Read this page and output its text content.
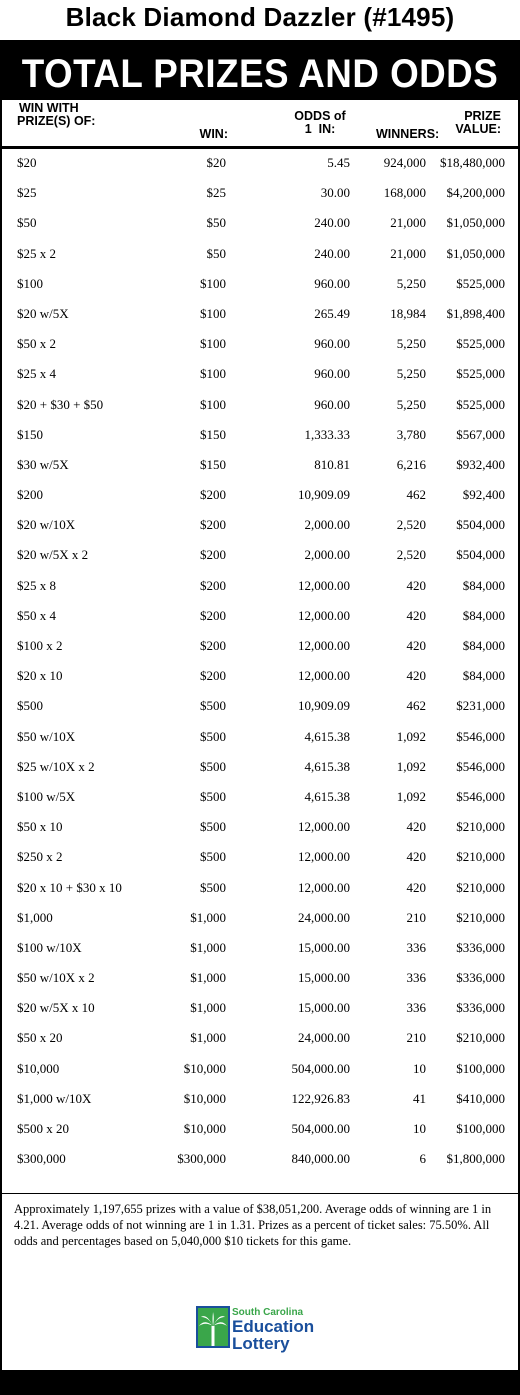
Black Diamond Dazzler (#1495)
TOTAL PRIZES AND ODDS
WIN WITH
PRIZE(S) OF:
WIN:
ODDS of
1  IN:	WINNERS:
PRIZE
VALUE:
$20	$20	5.45	924,000	$18,480,000
$25	$25	30.00	168,000	$4,200,000
$50	$50	240.00	21,000	$1,050,000
$25 x 2	$50	240.00	21,000	$1,050,000
$100	$100	960.00	5,250	$525,000
$20 w/5X	$100	265.49	18,984	$1,898,400
$50 x 2	$100	960.00	5,250	$525,000
$25 x 4	$100	960.00	5,250	$525,000
$20 + $30 + $50	$100	960.00	5,250	$525,000
$150	$150	1,333.33	3,780	$567,000
$30 w/5X	$150	810.81	6,216	$932,400
$200	$200	10,909.09	462	$92,400
$20 w/10X	$200	2,000.00	2,520	$504,000
$20 w/5X x 2	$200	2,000.00	2,520	$504,000
$25 x 8	$200	12,000.00	420	$84,000
$50 x 4	$200	12,000.00	420	$84,000
$100 x 2	$200	12,000.00	420	$84,000
$20 x 10	$200	12,000.00	420	$84,000
$500	$500	10,909.09	462	$231,000
$50 w/10X	$500	4,615.38	1,092	$546,000
$25 w/10X x 2	$500	4,615.38	1,092	$546,000
$100 w/5X	$500	4,615.38	1,092	$546,000
$50 x 10	$500	12,000.00	420	$210,000
$250 x 2	$500	12,000.00	420	$210,000
$20 x 10 + $30 x 10	$500	12,000.00	420	$210,000
$1,000	$1,000	24,000.00	210	$210,000
$100 w/10X	$1,000	15,000.00	336	$336,000
$50 w/10X x 2	$1,000	15,000.00	336	$336,000
$20 w/5X x 10	$1,000	15,000.00	336	$336,000
$50 x 20	$1,000	24,000.00	210	$210,000
$10,000	$10,000	504,000.00	10	$100,000
$1,000 w/10X	$10,000	122,926.83	41	$410,000
$500 x 20	$10,000	504,000.00	10	$100,000
$300,000	$300,000	840,000.00	6	$1,800,000
Approximately 1,197,655 prizes with a value of $38,051,200. Average odds of winning are 1 in 4.21. Average odds of not winning are 1 in 1.31. Prizes as a percent of ticket sales: 75.50%. All odds and percentages based on 5,040,000 $10 tickets for this game.
South Carolina
Education
Lottery
